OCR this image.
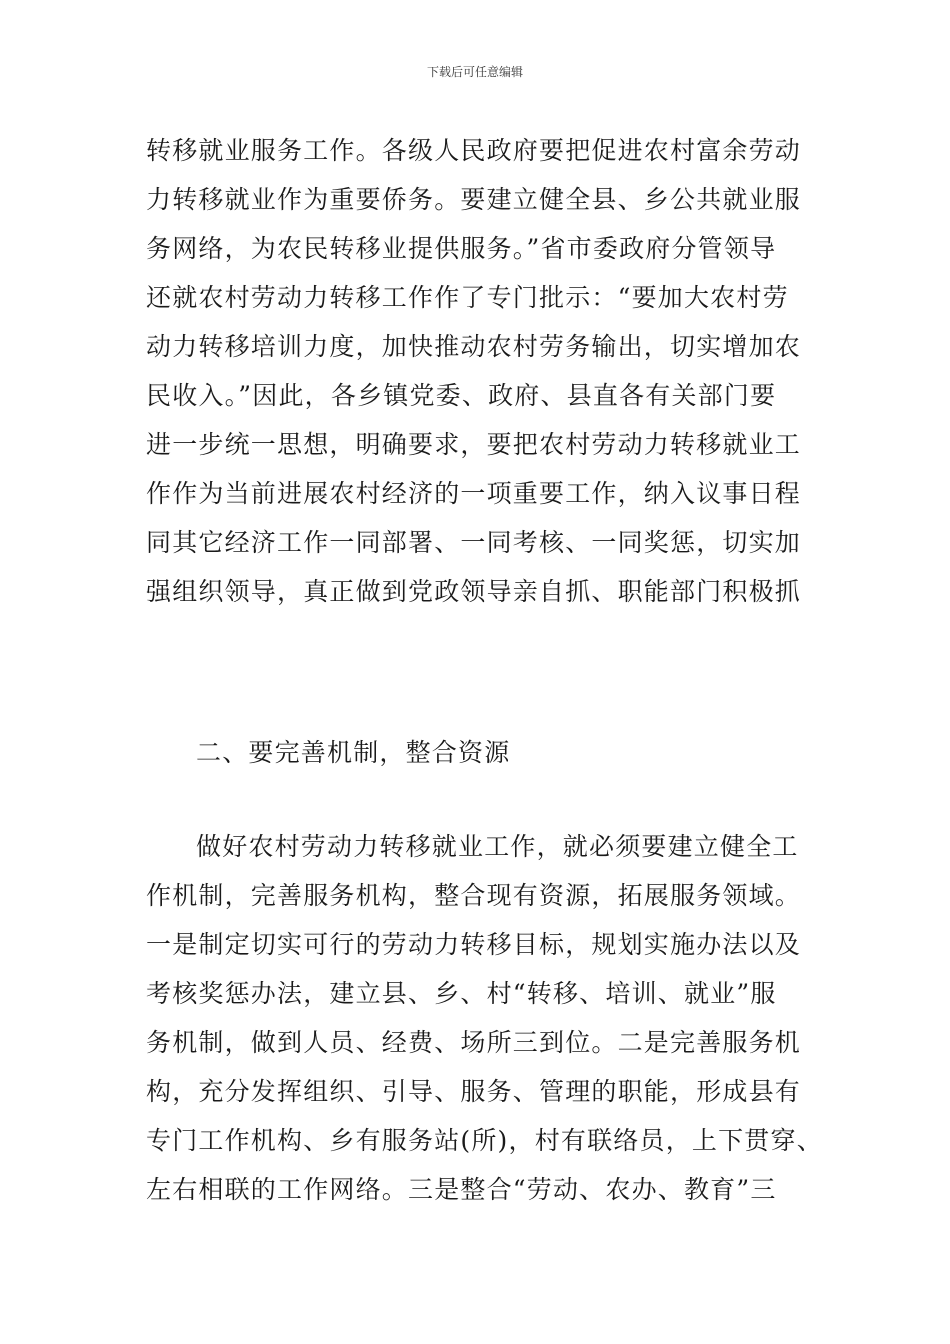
下载后可任意编辑
转移就业服务工作。各级人民政府要把促进农村富余劳动
力转移就业作为重要侨务。要建立健全县、乡公共就业服
务网络，为农民转移业提供服务。”省市委政府分管领导
还就农村劳动力转移工作作了专门批示：“要加大农村劳
动力转移培训力度，加快推动农村劳务输出，切实增加农
民收入。”因此，各乡镇党委、政府、县直各有关部门要
进一步统一思想，明确要求，要把农村劳动力转移就业工
作作为当前进展农村经济的一项重要工作，纳入议事日程
同其它经济工作一同部署、一同考核、一同奖惩，切实加
强组织领导，真正做到党政领导亲自抓、职能部门积极抓
二、要完善机制，整合资源
做好农村劳动力转移就业工作，就必须要建立健全工
作机制，完善服务机构，整合现有资源，拓展服务领域。
一是制定切实可行的劳动力转移目标，规划实施办法以及
考核奖惩办法，建立县、乡、村“转移、培训、就业”服
务机制，做到人员、经费、场所三到位。二是完善服务机
构，充分发挥组织、引导、服务、管理的职能，形成县有
专门工作机构、乡有服务站(所)，村有联络员，上下贯穿、
左右相联的工作网络。三是整合“劳动、农办、教育”三
